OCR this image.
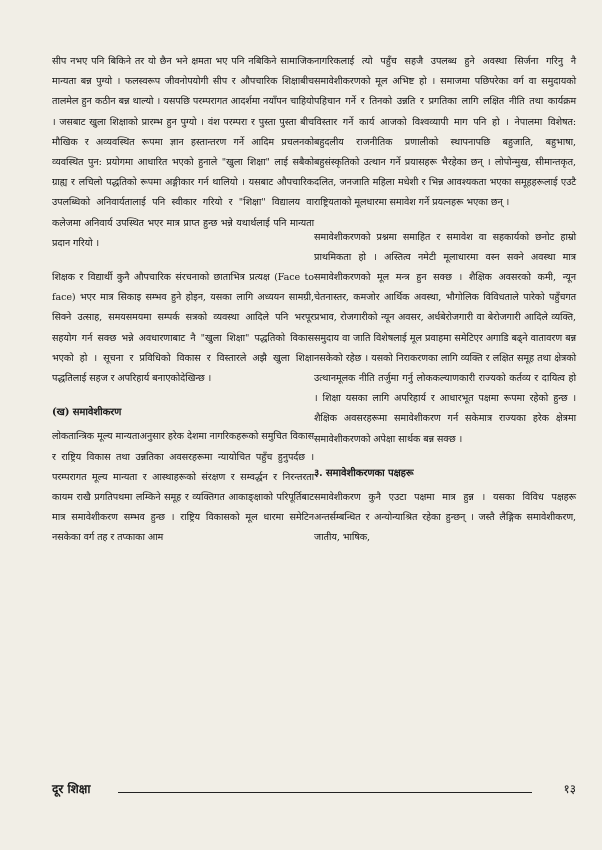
सीप नभए पनि बिकिने तर यो छैन भने क्षमता भए पनि नबिकिने सामाजिक मान्यता बन्न पुग्यो । फलस्वरूप जीवनोपयोगी सीप र औपचारिक शिक्षाबीच तालमेल हुन कठीन बन्न थाल्यो । यसपछि परम्परागत आदर्शमा नयाँपन चाहियो । जसबाट खुला शिक्षाको प्रारम्भ हुन पुग्यो । वंश परम्परा र पुस्ता पुस्ता बीच मौखिक र अव्यवस्थित रूपमा ज्ञान हस्तान्तरण गर्ने आदिम प्रचलनको व्यवस्थित पुन: प्रयोगमा आधारित भएको हुनाले "खुला शिक्षा" लाई सबैको ग्राह्य र लचिलो पद्धतिको रूपमा अङ्गीकार गर्न थालियो । यसबाट औपचारिक उपलब्धिको अनिवार्यतालाई पनि स्वीकार गरियो र "शिक्षा" विद्यालय वा कलेजमा अनिवार्य उपस्थित भएर मात्र प्राप्त हुन्छ भन्ने यथार्थलाई पनि मान्यता प्रदान गरियो ।

शिक्षक र विद्यार्थी कुनै औपचारिक संरचनाको छाताभित्र प्रत्यक्ष (Face to face) भएर मात्र सिकाइ सम्भव हुने होइन, यसका लागि अध्ययन सामग्री, सिक्ने उत्साह, समयसमयमा सम्पर्क सत्रको व्यवस्था आदिले पनि भरपूर सहयोग गर्न सक्छ भन्ने अवधारणाबाट नै "खुला शिक्षा" पद्धतिको विकास भएको हो । सूचना र प्रविधिको विकास र विस्तारले अझै खुला शिक्षा पद्धतिलाई सहज र अपरिहार्य बनाएकोदेखिन्छ ।

(ख) समावेशीकरण

लोकतान्त्रिक मूल्य मान्यताअनुसार हरेक देशमा नागरिकहरूको समुचित विकास र राष्ट्रिय विकास तथा उन्नतिका अवसरहरूमा न्यायोचित पहुँच हुनुपर्दछ । परम्परागत मूल्य मान्यता र आस्थाहरूको संरक्षण र सम्वर्द्धन र निरन्तरता कायम राखै प्रगतिपथमा लम्किने समूह र व्यक्तिगत आकाङ्क्षाको परिपूर्तिबाट मात्र समावेशीकरण सम्भव हुन्छ । राष्ट्रिय विकासको मूल धारमा समेटिन नसकेका वर्ग तह र तप्काका आम

नागरिकलाई त्यो पहुँच सहजै उपलब्ध हुने अवस्था सिर्जना गरिनु नै समावेशीकरणको मूल अभिष्ट हो । समाजमा पछिपरेका वर्ग वा समुदायको पहिचान गर्ने र तिनको उन्नति र प्रगतिका लागि लक्षित नीति तथा कार्यक्रम विस्तार गर्ने कार्य आजको विश्वव्यापी माग पनि हो । नेपालमा विशेषत: बहुदलीय राजनीतिक प्रणालीको स्थापनापछि बहुजाति, बहुभाषा, बहुसंस्कृतिको उत्थान गर्ने प्रयासहरू भैरहेका छन् । लोपोन्मुख, सीमान्तकृत, दलित, जनजाति महिला मधेशी र भिन्न आवश्यकता भएका समूहहरूलाई एउटै राष्ट्रियताको मूलधारमा समावेश गर्ने प्रयत्नहरू भएका छन् ।

समावेशीकरणको प्रश्नमा समाहित र समावेश वा सहकार्यको छनोट हाम्रो प्राथमिकता हो । अस्तित्व नमेटी मूलाधारमा वस्न सक्ने अवस्था मात्र समावेशीकरणको मूल मन्त्र हुन सक्छ । शैक्षिक अवसरको कमी, न्यून चेतनास्तर, कमजोर आर्थिक अवस्था, भौगोलिक विविधताले पारेको पहुँचगत प्रभाव, रोजगारीको न्यून अवसर, अर्धबेरोजगारी वा बेरोजगारी आदिले व्यक्ति, समुदाय वा जाति विशेषलाई मूल प्रवाहमा समेटिएर अगाडि बढ्ने वातावरण बन्न नसकेको रहेछ । यसको निराकरणका लागि व्यक्ति र लक्षित समूह तथा क्षेत्रको उत्थानमूलक नीति तर्जुमा गर्नु लोककल्याणकारी राज्यको कर्तव्य र दायित्व हो । शिक्षा यसका लागि अपरिहार्य र आधारभूत पक्षमा रूपमा रहेको हुन्छ । शैक्षिक अवसरहरूमा समावेशीकरण गर्न सकेमात्र राज्यका हरेक क्षेत्रमा समावेशीकरणको अपेक्षा सार्थक बन्न सक्छ ।

३. समावेशीकरणका पक्षहरू

समावेशीकरण कुनै एउटा पक्षमा मात्र हुन्न । यसका विविध पक्षहरू अन्तर्सम्बन्धित र अन्योन्याश्रित रहेका हुन्छन् । जस्तै लैङ्गिक समावेशीकरण, जातीय, भाषिक,

दूर शिक्षा	१३
